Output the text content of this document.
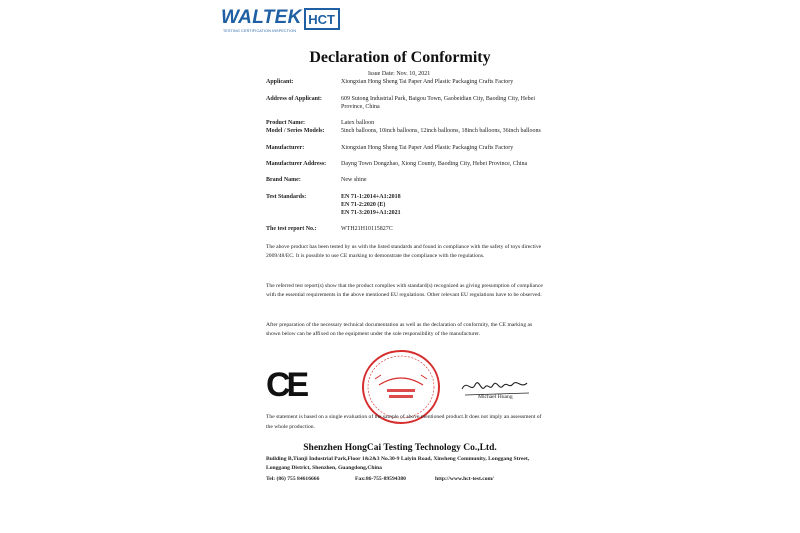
WALTEK HCT
TESTING CERTIFICATION INSPECTION
Declaration of Conformity
Issue Date: Nov. 10, 2021
Applicant:	Xiongxian Hong Sheng Tai Paper And Plastic Packaging Crafts Factory
Address of Applicant:	609 Sutong Industrial Park, Baigou Town, Gaobeidian City, Baoding City, Hebei Province, China
Product Name:	Latex balloon
Model / Series Models:	5inch balloons, 10inch balloons, 12inch balloons, 18inch balloons, 36inch balloons
Manufacturer:	Xiongxian Hong Sheng Tai Paper And Plastic Packaging Crafts Factory
Manufacturer Address:	Dayng Town Dongzhao, Xiong County, Baoding City, Hebei Province, China
Brand Name:	New shine
Test Standards:	EN 71-1:2014+A1:2018
EN 71-2:2020 (E)
EN 71-3:2019+A1:2021
The test report No.:	WTH21H10115827C
The above product has been tested by us with the listed standards and found in compliance with the safety of toys directive 2009/48/EC. It is possible to use CE marking to demonstrate the compliance with the regulations.
The referred test report(s) show that the product complies with standard(s) recognized as giving presumption of compliance with the essential requirements in the above mentioned EU regulations. Other relevant EU regulations have to be observed.
After preparation of the necessary technical documentation as well as the declaration of conformity, the CE marking as shown below can be affixed on the equipment under the sole responsibility of the manufacturer.
CE	Michael Huang
The statement is based on a single evaluation of the sample of above mentioned product.It does not imply an assessment of the whole production.
Shenzhen HongCai Testing Technology Co.,Ltd.
Building B,Tianji Industrial Park,Floor 1&2&3 No.30-9 Laiyin Road, Xinsheng Community, Longgang Street, Longgang District, Shenzhen, Guangdong,China
Tel: (86) 755 84616666	Fax:86-755-89594380	http://www.hct-test.com/
